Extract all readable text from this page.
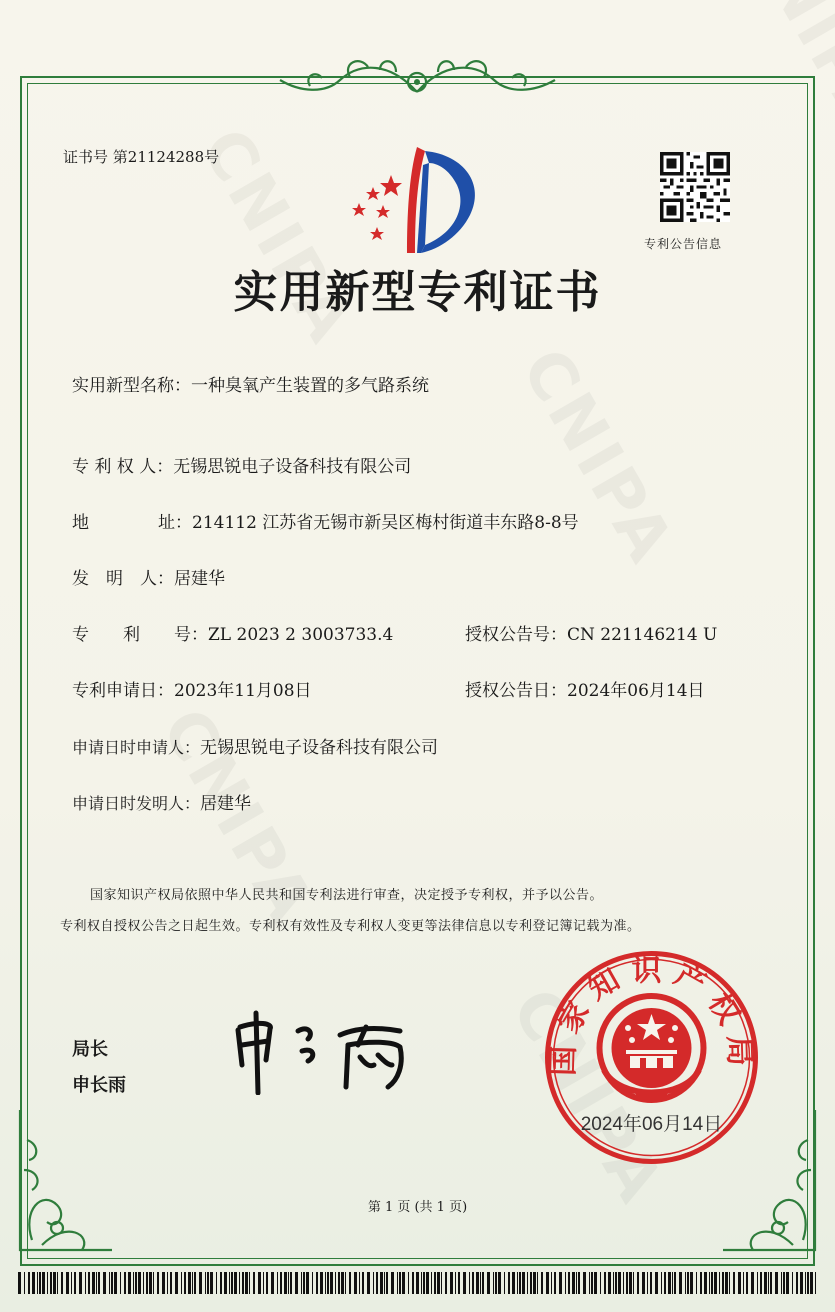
证书号 第21124288号
专利公告信息
实用新型专利证书
实用新型名称：一种臭氧产生装置的多气路系统
专 利 权 人：无锡思锐电子设备科技有限公司
地	址：214112 江苏省无锡市新吴区梅村街道丰东路8-8号
发　明　人：居建华
专　　利　　号：ZL 2023 2 3003733.4	授权公告号：CN 221146214 U
专利申请日：2023年11月08日	授权公告日：2024年06月14日
申请日时申请人：无锡思锐电子设备科技有限公司
申请日时发明人：居建华
国家知识产权局依照中华人民共和国专利法进行审查，决定授予专利权，并予以公告。
专利权自授权公告之日起生效。专利权有效性及专利权人变更等法律信息以专利登记簿记载为准。
局长
申长雨
国家知识产权局
2024年06月14日
第 1 页 (共 1 页)
